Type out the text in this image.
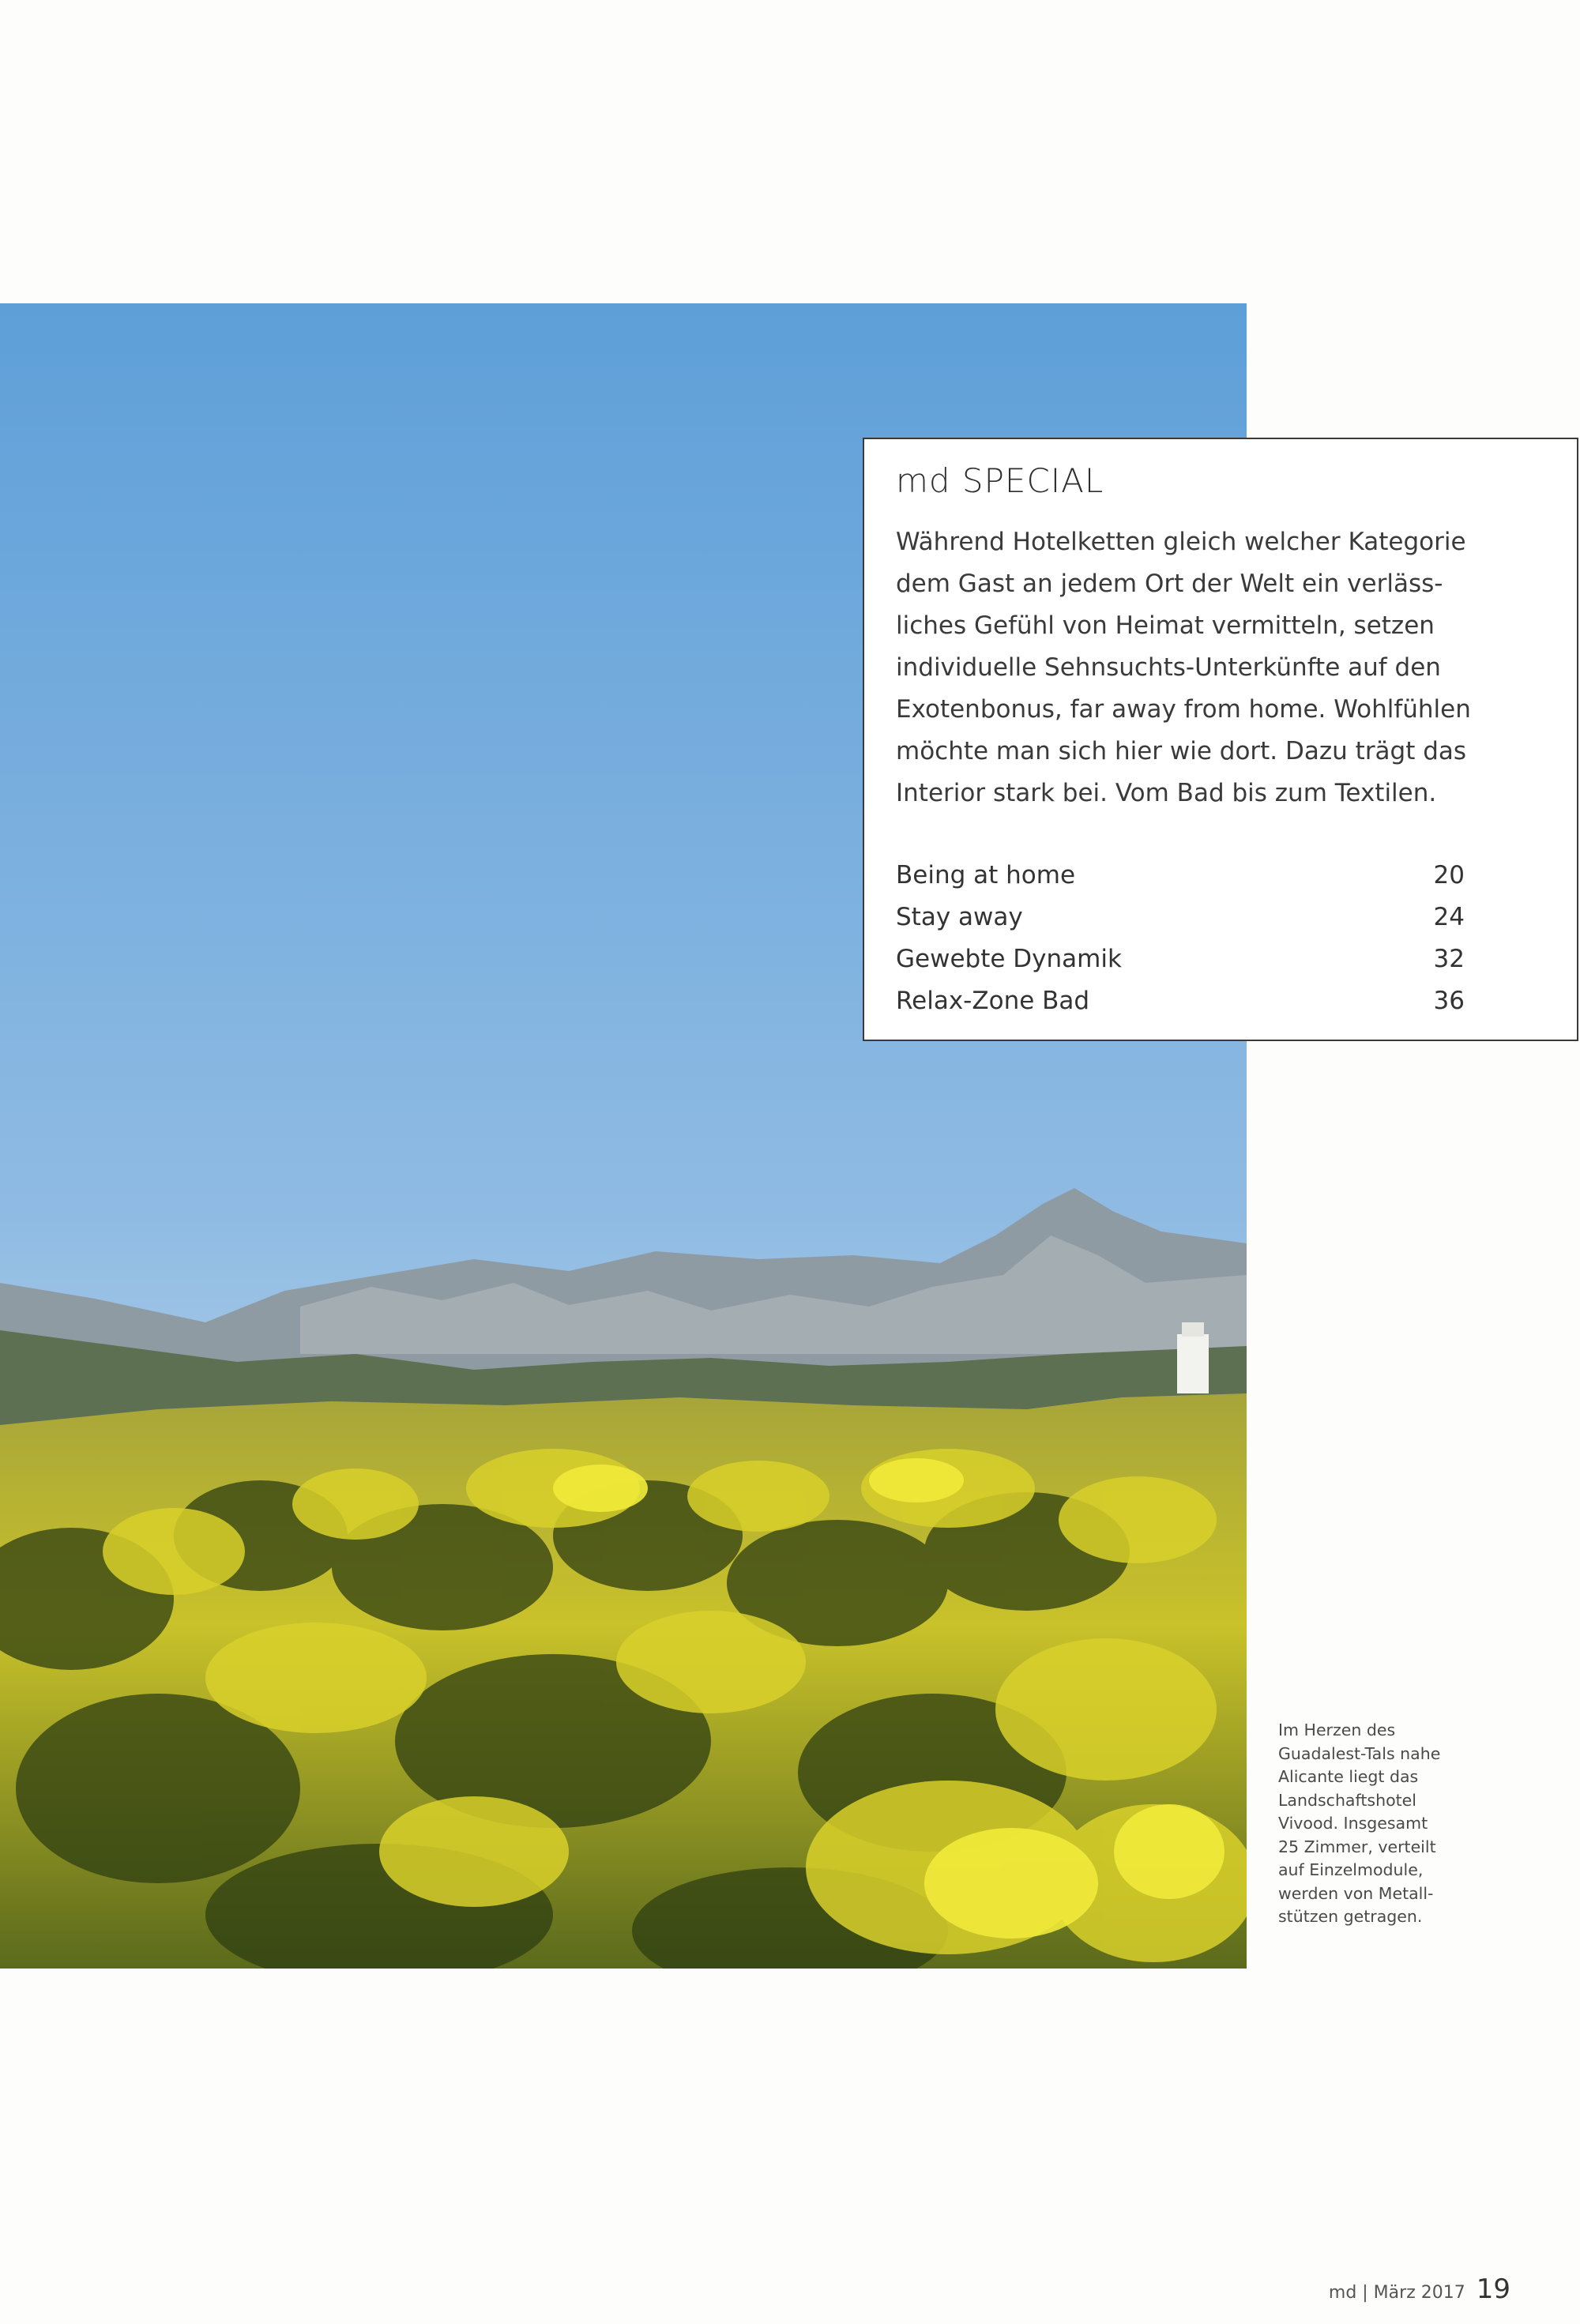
md SPECIAL

Während Hotelketten gleich welcher Kategorie
dem Gast an jedem Ort der Welt ein verläss-
liches Gefühl von Heimat vermitteln, setzen
individuelle Sehnsuchts-Unterkünfte auf den
Exotenbonus, far away from home. Wohlfühlen
möchte man sich hier wie dort. Dazu trägt das
Interior stark bei. Vom Bad bis zum Textilen.

Being at home	20
Stay away	24
Gewebte Dynamik	32
Relax-Zone Bad	36

Im Herzen des
Guadalest-Tals nahe
Alicante liegt das
Landschaftshotel
Vivood. Insgesamt
25 Zimmer, verteilt
auf Einzelmodule,
werden von Metall-
stützen getragen.

md | März 2017 19
